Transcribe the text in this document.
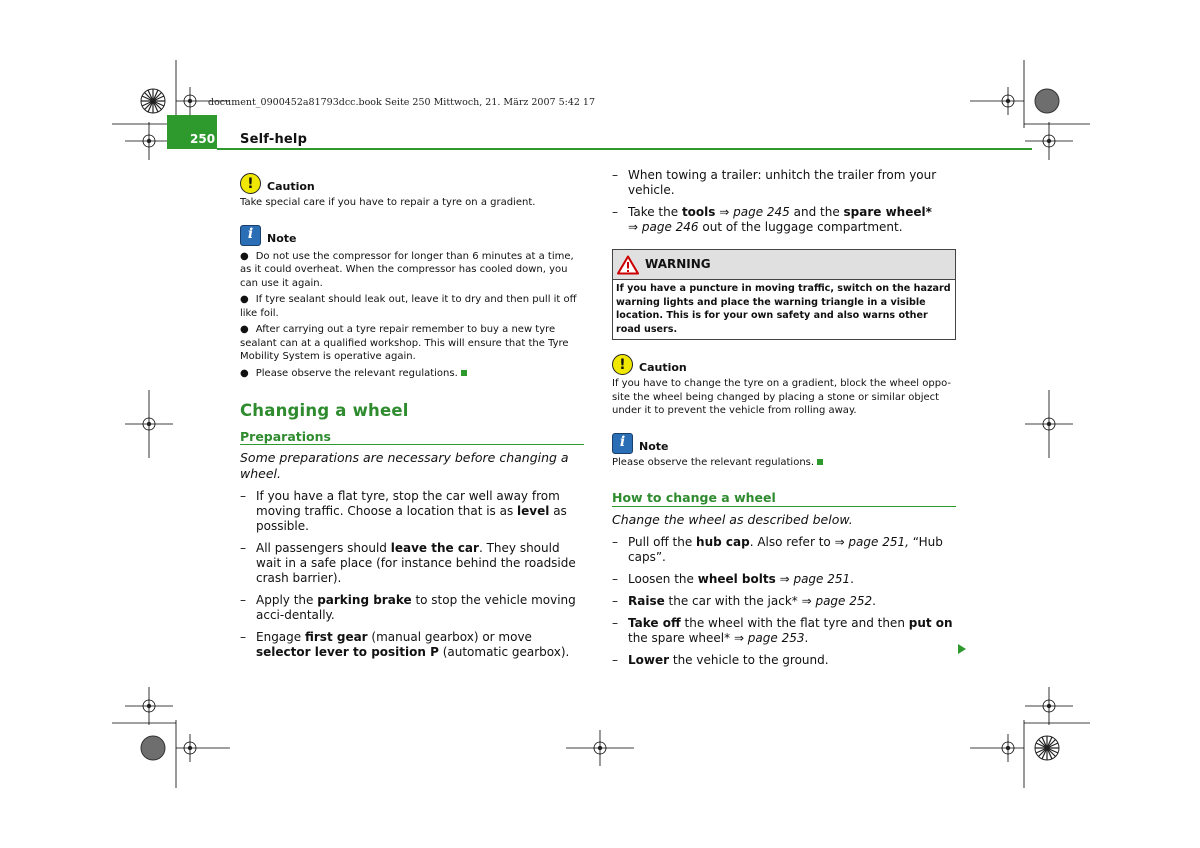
document_0900452a81793dcc.book Seite 250 Mittwoch, 21. März 2007 5:42 17
250 Self-help
!	Caution

Take special care if you have to repair a tyre on a gradient.

i	Note

● Do not use the compressor for longer than 6 minutes at a time, as it could overheat. When the compressor has cooled down, you can use it again.

● If tyre sealant should leak out, leave it to dry and then pull it off like foil.

● After carrying out a tyre repair remember to buy a new tyre sealant can at a qualified workshop. This will ensure that the Tyre Mobility System is operative again.

● Please observe the relevant regulations.

Changing a wheel
Preparations

Some preparations are necessary before changing a wheel.

– If you have a flat tyre, stop the car well away from moving traffic. Choose a location that is as level as possible.

– All passengers should leave the car. They should wait in a safe place (for instance behind the roadside crash barrier).

– Apply the parking brake to stop the vehicle moving acci-dentally.

– Engage first gear (manual gearbox) or move selector lever to position P (automatic gearbox).

– When towing a trailer: unhitch the trailer from your vehicle.

– Take the tools ⇒ page 245 and the spare wheel*
⇒ page 246 out of the luggage compartment.

WARNING
If you have a puncture in moving traffic, switch on the hazard warning lights and place the warning triangle in a visible location. This is for your own safety and also warns other road users.
!	Caution

If you have to change the tyre on a gradient, block the wheel oppo-site the wheel being changed by placing a stone or similar object under it to prevent the vehicle from rolling away.

i	Note

Please observe the relevant regulations.

How to change a wheel

Change the wheel as described below.

– Pull off the hub cap. Also refer to ⇒ page 251, “Hub caps”.

– Loosen the wheel bolts ⇒ page 251.

– Raise the car with the jack* ⇒ page 252.

– Take off the wheel with the flat tyre and then put on the spare wheel* ⇒ page 253.

– Lower the vehicle to the ground.
